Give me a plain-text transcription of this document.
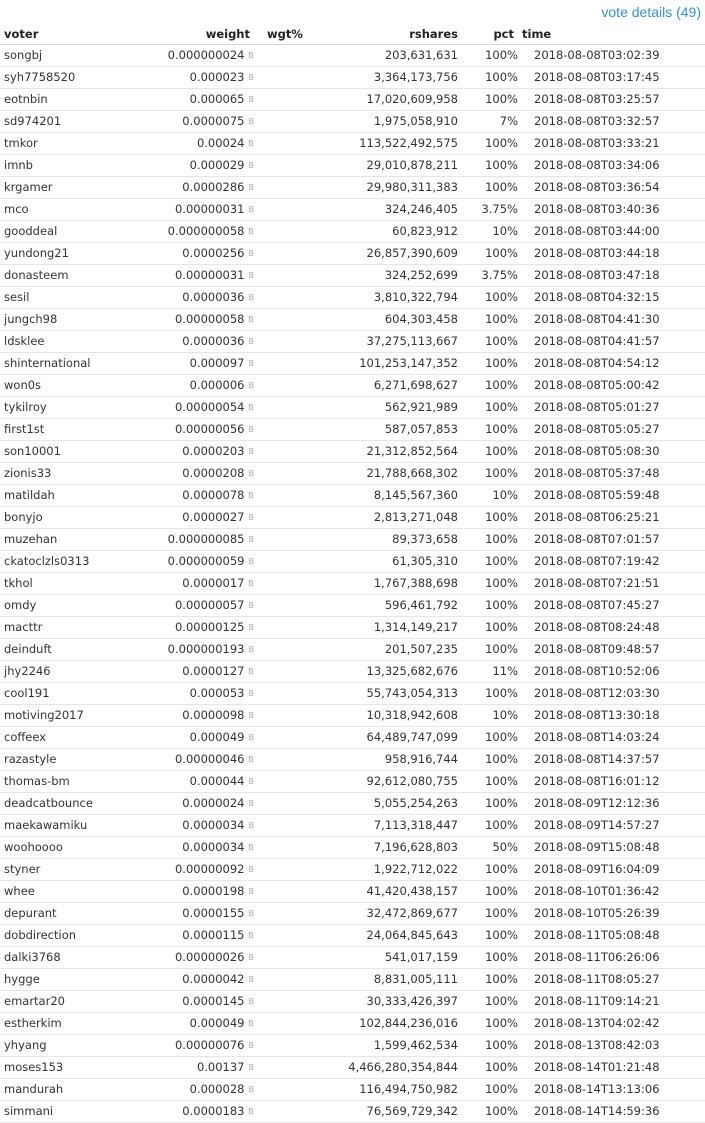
vote details (49)
voter	weight	wgt%	rshares	pct	time
songbj	0.000000024 B		203,631,631	100%	2018-08-08T03:02:39
syh7758520	0.000023 B		3,364,173,756	100%	2018-08-08T03:17:45
eotnbin	0.000065 B		17,020,609,958	100%	2018-08-08T03:25:57
sd974201	0.0000075 B		1,975,058,910	7%	2018-08-08T03:32:57
tmkor	0.00024 B		113,522,492,575	100%	2018-08-08T03:33:21
imnb	0.000029 B		29,010,878,211	100%	2018-08-08T03:34:06
krgamer	0.0000286 B		29,980,311,383	100%	2018-08-08T03:36:54
mco	0.00000031 B		324,246,405	3.75%	2018-08-08T03:40:36
gooddeal	0.000000058 B		60,823,912	10%	2018-08-08T03:44:00
yundong21	0.0000256 B		26,857,390,609	100%	2018-08-08T03:44:18
donasteem	0.00000031 B		324,252,699	3.75%	2018-08-08T03:47:18
sesil	0.0000036 B		3,810,322,794	100%	2018-08-08T04:32:15
jungch98	0.00000058 B		604,303,458	100%	2018-08-08T04:41:30
ldsklee	0.0000036 B		37,275,113,667	100%	2018-08-08T04:41:57
shinternational	0.000097 B		101,253,147,352	100%	2018-08-08T04:54:12
won0s	0.000006 B		6,271,698,627	100%	2018-08-08T05:00:42
tykilroy	0.00000054 B		562,921,989	100%	2018-08-08T05:01:27
first1st	0.00000056 B		587,057,853	100%	2018-08-08T05:05:27
son10001	0.0000203 B		21,312,852,564	100%	2018-08-08T05:08:30
zionis33	0.0000208 B		21,788,668,302	100%	2018-08-08T05:37:48
matildah	0.0000078 B		8,145,567,360	10%	2018-08-08T05:59:48
bonyjo	0.0000027 B		2,813,271,048	100%	2018-08-08T06:25:21
muzehan	0.000000085 B		89,373,658	100%	2018-08-08T07:01:57
ckatoclzls0313	0.000000059 B		61,305,310	100%	2018-08-08T07:19:42
tkhol	0.0000017 B		1,767,388,698	100%	2018-08-08T07:21:51
omdy	0.00000057 B		596,461,792	100%	2018-08-08T07:45:27
macttr	0.00000125 B		1,314,149,217	100%	2018-08-08T08:24:48
deinduft	0.000000193 B		201,507,235	100%	2018-08-08T09:48:57
jhy2246	0.0000127 B		13,325,682,676	11%	2018-08-08T10:52:06
cool191	0.000053 B		55,743,054,313	100%	2018-08-08T12:03:30
motiving2017	0.0000098 B		10,318,942,608	10%	2018-08-08T13:30:18
coffeex	0.000049 B		64,489,747,099	100%	2018-08-08T14:03:24
razastyle	0.00000046 B		958,916,744	100%	2018-08-08T14:37:57
thomas-bm	0.000044 B		92,612,080,755	100%	2018-08-08T16:01:12
deadcatbounce	0.0000024 B		5,055,254,263	100%	2018-08-09T12:12:36
maekawamiku	0.0000034 B		7,113,318,447	100%	2018-08-09T14:57:27
woohoooo	0.0000034 B		7,196,628,803	50%	2018-08-09T15:08:48
styner	0.00000092 B		1,922,712,022	100%	2018-08-09T16:04:09
whee	0.0000198 B		41,420,438,157	100%	2018-08-10T01:36:42
depurant	0.0000155 B		32,472,869,677	100%	2018-08-10T05:26:39
dobdirection	0.0000115 B		24,064,845,643	100%	2018-08-11T05:08:48
dalki3768	0.00000026 B		541,017,159	100%	2018-08-11T06:26:06
hygge	0.0000042 B		8,831,005,111	100%	2018-08-11T08:05:27
emartar20	0.0000145 B		30,333,426,397	100%	2018-08-11T09:14:21
estherkim	0.000049 B		102,844,236,016	100%	2018-08-13T04:02:42
yhyang	0.00000076 B		1,599,462,534	100%	2018-08-13T08:42:03
moses153	0.00137 B		4,466,280,354,844	100%	2018-08-14T01:21:48
mandurah	0.000028 B		116,494,750,982	100%	2018-08-14T13:13:06
simmani	0.0000183 B		76,569,729,342	100%	2018-08-14T14:59:36
